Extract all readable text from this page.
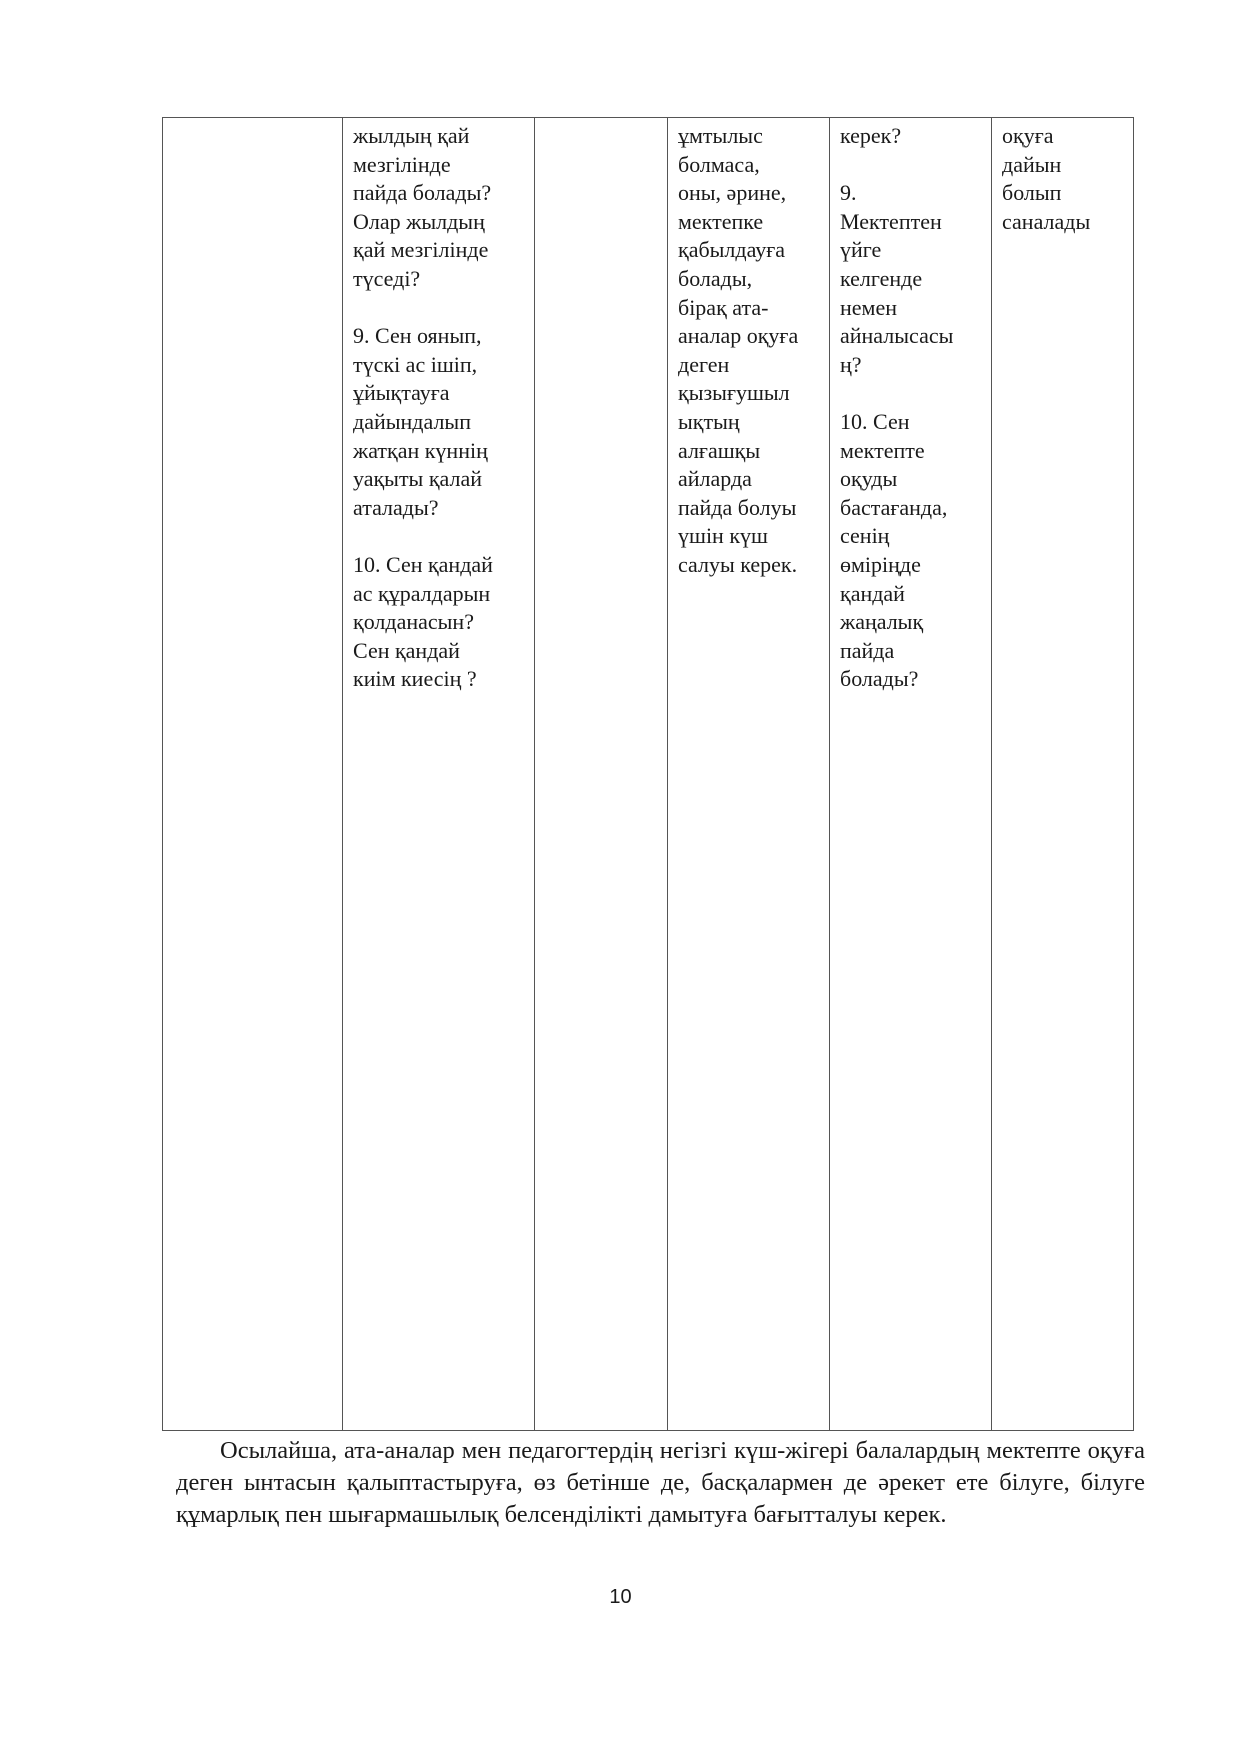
	жылдың қай
мезгілінде
пайда болады?
Олар жылдың
қай мезгілінде
түседі?

9. Сен оянып,
түскі ас ішіп,
ұйықтауға
дайындалып
жатқан күннің
уақыты қалай
аталады?

10. Сен қандай
ас құралдарын
қолданасын?
Сен қандай
киім киесің ?		ұмтылыс
болмаса,
оны, әрине,
мектепке
қабылдауға
болады,
бірақ ата-
аналар оқуға
деген
қызығушыл
ықтың
алғашқы
айларда
пайда болуы
үшін күш
салуы керек.	керек?

9.
Мектептен
үйге
келгенде
немен
айналысасы
ң?

10. Сен
мектепте
оқуды
бастағанда,
сенің
өміріңде
қандай
жаңалық
пайда
болады?	оқуға
дайын
болып
саналады

Осылайша, ата-аналар мен педагогтердің негізгі күш-жігері балалардың мектепте оқуға деген ынтасын қалыптастыруға, өз бетінше де, басқалармен де әрекет ете білуге, білуге құмарлық пен шығармашылық белсенділікті дамытуға бағытталуы керек.

10
